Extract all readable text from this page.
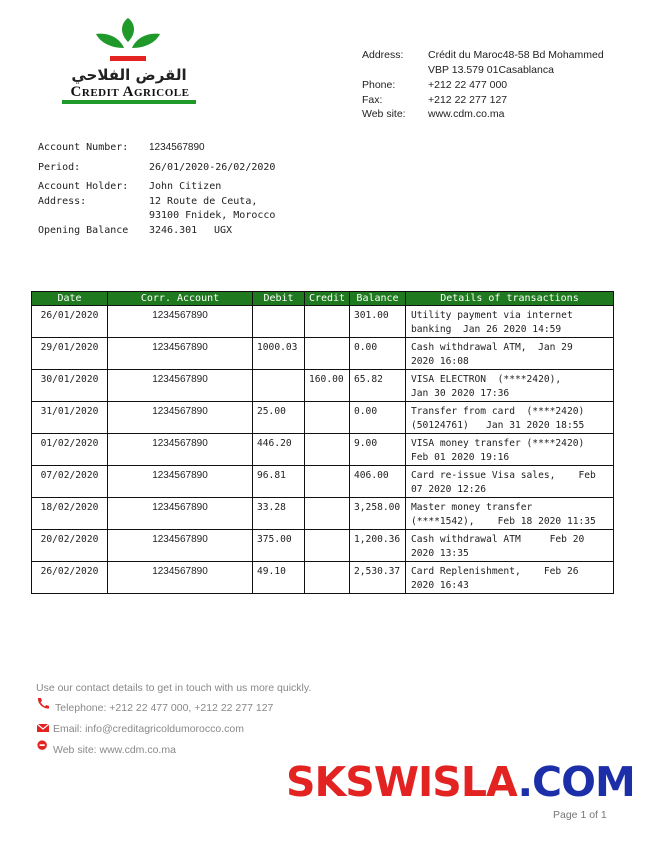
القرض الفلاحي
Credit Agricole
Address: Crédit du Maroc48-58 Bd Mohammed
VBP 13.579 01Casablanca
Phone:	+212 22 477 000
Fax:	+212 22 277 127
Web site: www.cdm.co.ma
Account Number: 1234567890
Period:	26/01/2020-26/02/2020
Account Holder: John Citizen
Address:	12 Route de Ceuta,
93100 Fnidek, Morocco
Opening Balance 3246.301 UGX
Date	Corr. Account	Debit	Credit	Balance	Details of transactions
26/01/2020	1234567890			301.00	Utility payment via internet
banking  Jan 26 2020 14:59
29/01/2020	1234567890	1000.03		0.00	Cash withdrawal ATM,  Jan 29
2020 16:08
30/01/2020	1234567890		160.00	65.82	VISA ELECTRON  (****2420),
Jan 30 2020 17:36
31/01/2020	1234567890	25.00		0.00	Transfer from card  (****2420)
(50124761)   Jan 31 2020 18:55
01/02/2020	1234567890	446.20		9.00	VISA money transfer (****2420)
Feb 01 2020 19:16
07/02/2020	1234567890	96.81		406.00	Card re-issue Visa sales,    Feb
07 2020 12:26
18/02/2020	1234567890	33.28		3,258.00	Master money transfer
(****1542),    Feb 18 2020 11:35
20/02/2020	1234567890	375.00		1,200.36	Cash withdrawal ATM     Feb 20
2020 13:35
26/02/2020	1234567890	49.10		2,530.37	Card Replenishment,    Feb 26
2020 16:43
Use our contact details to get in touch with us more quickly.
Telephone: +212 22 477 000, +212 22 277 127
Email: info@creditagricoldumorocco.com
Web site: www.cdm.co.ma
SKSWISLA.COM
Page 1 of 1
